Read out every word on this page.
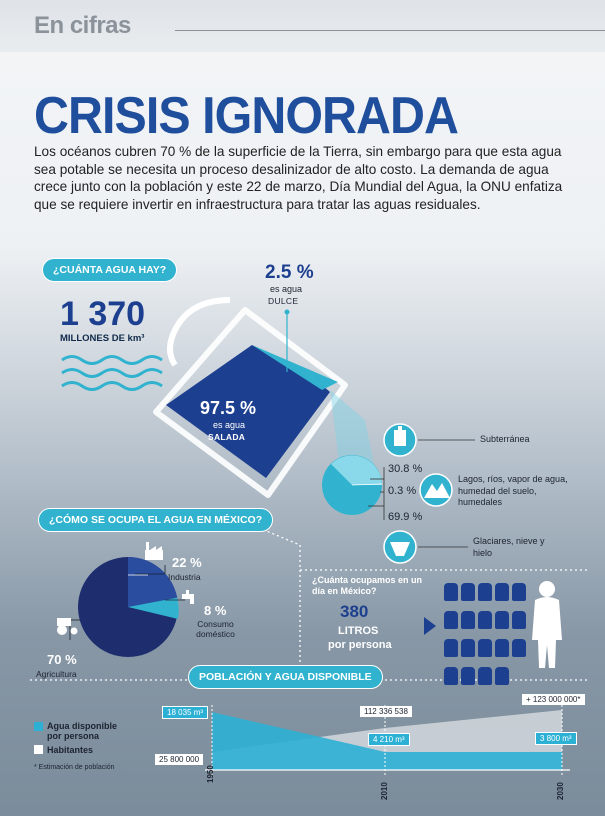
En cifras
CRISIS IGNORADA
Los océanos cubren 70 % de la superficie de la Tierra, sin embargo para que esta agua sea potable se necesita un proceso desalinizador de alto costo. La demanda de agua crece junto con la población y este 22 de marzo, Día Mundial del Agua, la ONU enfatiza que se requiere invertir en infraestructura para tratar las aguas residuales.
¿CUÁNTA AGUA HAY?
1 370
MILLONES DE km³
2.5 %
es agua
DULCE
97.5 %
es agua
SALADA
30.8 %
0.3 %
69.9 %
Subterránea
Lagos, ríos, vapor de agua, humedad del suelo, humedales
Glaciares, nieve y hielo
¿CÓMO SE OCUPA EL AGUA EN MÉXICO?
22 %
Industria
8 %
Consumo doméstico
70 %
Agricultura
¿Cuánta ocupamos en un día en México?
380
LITROS
por persona
POBLACIÓN Y AGUA DISPONIBLE
Agua disponible por persona
Habitantes
* Estimación de población
18 035 m³
4 210 m³	3 800 m³
25 800 000
112 336 538
+ 123 000 000*
1950
2010	2030
